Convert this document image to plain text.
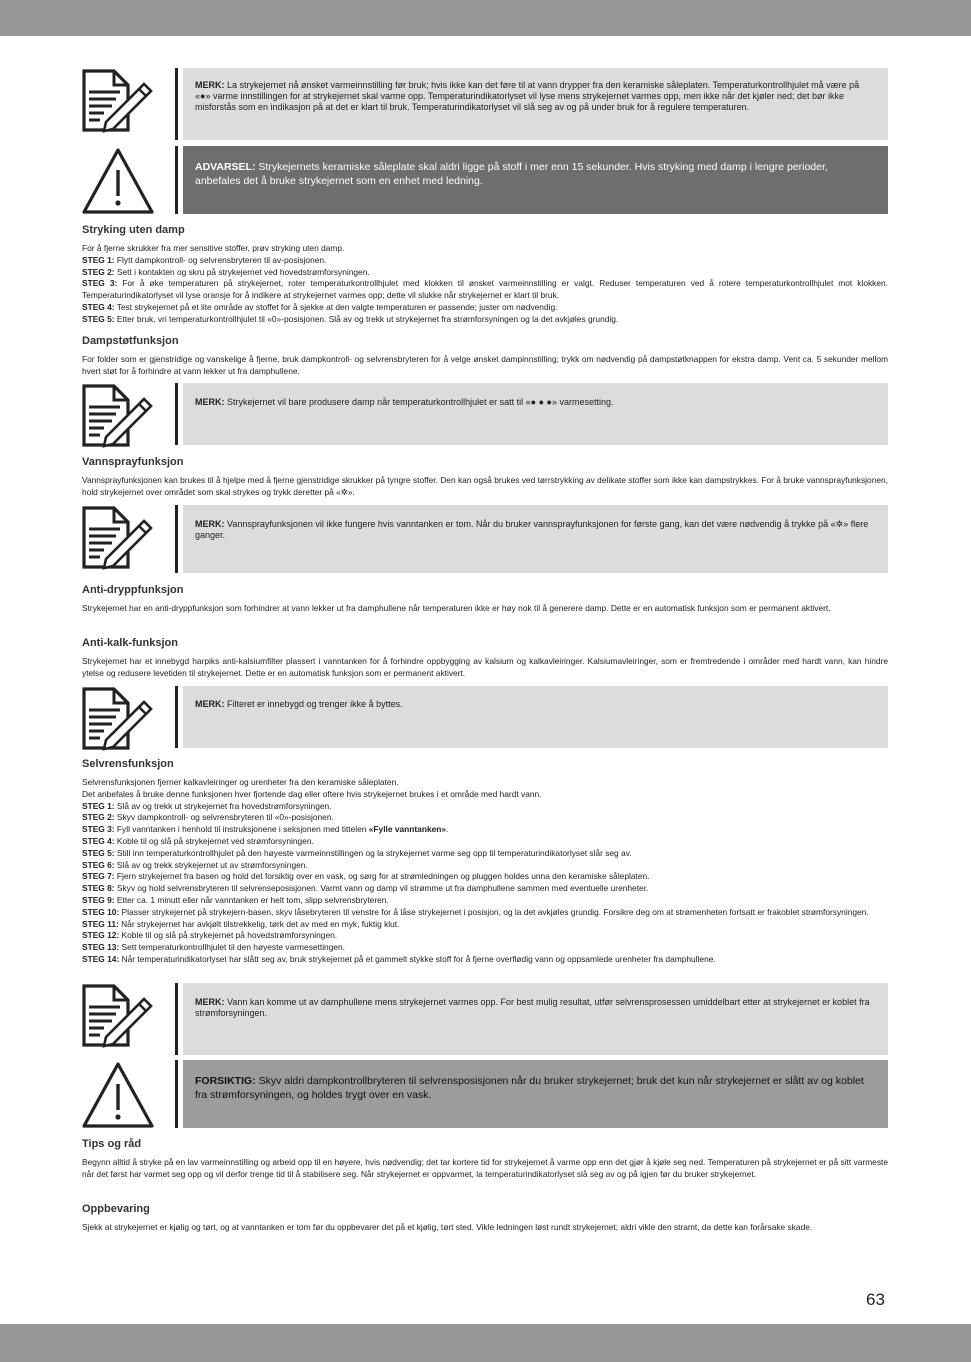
MERK: La strykejernet nå ønsket varmeinnstilling før bruk; hvis ikke kan det føre til at vann drypper fra den keramiske såleplaten. Temperaturkontrollhjulet må være på «●» varme innstillingen for at strykejernet skal varme opp. Temperaturindikatorlyset vil lyse mens strykejernet varmes opp, men ikke når det kjøler ned; det bør ikke misforstås som en indikasjon på at det er klart til bruk. Temperaturindikatorlyset vil slå seg av og på under bruk for å regulere temperaturen.
ADVARSEL: Strykejernets keramiske såleplate skal aldri ligge på stoff i mer enn 15 sekunder. Hvis stryking med damp i lengre perioder, anbefales det å bruke strykejernet som en enhet med ledning.
Stryking uten damp
For å fjerne skrukker fra mer sensitive stoffer, prøv stryking uten damp.
STEG 1: Flytt dampkontroll- og selvrensbryteren til av-posisjonen.
STEG 2: Sett i kontakten og skru på strykejernet ved hovedstrømforsyningen.
STEG 3: For å øke temperaturen på strykejernet, roter temperaturkontrollhjulet med klokken til ønsket varmeinnstilling er valgt. Reduser temperaturen ved å rotere temperaturkontrollhjulet mot klokken. Temperaturindikatorlyset vil lyse oransje for å indikere at strykejernet varmes opp; dette vil slukke når strykejernet er klart til bruk.
STEG 4: Test strykejernet på et lite område av stoffet for å sjekke at den valgte temperaturen er passende; juster om nødvendig.
STEG 5: Etter bruk, vri temperaturkontrollhjulet til «0»-posisjonen. Slå av og trekk ut strykejernet fra strømforsyningen og la det avkjøles grundig.
Dampstøtfunksjon
For folder som er gjenstridige og vanskelige å fjerne, bruk dampkontroll- og selvrensbryteren for å velge ønsket dampinnstilling; trykk om nødvendig på dampstøtknappen for ekstra damp. Vent ca. 5 sekunder mellom hvert støt for å forhindre at vann lekker ut fra damphullene.
MERK: Strykejernet vil bare produsere damp når temperaturkontrollhjulet er satt til «● ● ●» varmesetting.
Vannsprayfunksjon
Vannsprayfunksjonen kan brukes til å hjelpe med å fjerne gjenstridige skrukker på tyngre stoffer. Den kan også brukes ved tørrstrykking av delikate stoffer som ikke kan dampstrykkes. For å bruke vannsprayfunksjonen, hold strykejernet over området som skal strykes og trykk deretter på «✲».
MERK: Vannsprayfunksjonen vil ikke fungere hvis vanntanken er tom. Når du bruker vannsprayfunksjonen for første gang, kan det være nødvendig å trykke på «✲» flere ganger.
Anti-dryppfunksjon
Strykejernet har en anti-dryppfunksjon som forhindrer at vann lekker ut fra damphullene når temperaturen ikke er høy nok til å generere damp. Dette er en automatisk funksjon som er permanent aktivert.
Anti-kalk-funksjon
Strykejernet har et innebygd harpiks anti-kalsiumfilter plassert i vanntanken for å forhindre oppbygging av kalsium og kalkavleiringer. Kalsiumavleiringer, som er fremtredende i områder med hardt vann, kan hindre ytelse og redusere levetiden til strykejernet. Dette er en automatisk funksjon som er permanent aktivert.
MERK: Filteret er innebygd og trenger ikke å byttes.
Selvrensfunksjon
Selvrensfunksjonen fjerner kalkavleiringer og urenheter fra den keramiske såleplaten.
Det anbefales å bruke denne funksjonen hver fjortende dag eller oftere hvis strykejernet brukes i et område med hardt vann.
STEG 1: Slå av og trekk ut strykejernet fra hovedstrømforsyningen.
STEG 2: Skyv dampkontroll- og selvrensbryteren til «0»-posisjonen.
STEG 3: Fyll vanntanken i henhold til instruksjonene i seksjonen med tittelen «Fylle vanntanken».
STEG 4: Koble til og slå på strykejernet ved strømforsyningen.
STEG 5: Still inn temperaturkontrollhjulet på den høyeste varmeinnstillingen og la strykejernet varme seg opp til temperaturindikatorlyset slår seg av.
STEG 6: Slå av og trekk strykejernet ut av strømforsyningen.
STEG 7: Fjern strykejernet fra basen og hold det forsiktig over en vask, og sørg for at strømledningen og pluggen holdes unna den keramiske såleplaten.
STEG 8: Skyv og hold selvrensbryteren til selvrenseposisjonen. Varmt vann og damp vil strømme ut fra damphullene sammen med eventuelle urenheter.
STEG 9: Etter ca. 1 minutt eller når vanntanken er helt tom, slipp selvrensbryteren.
STEG 10: Plasser strykejernet på strykejern-basen, skyv låsebryteren til venstre for å låse strykejernet i posisjon, og la det avkjøles grundig. Forsikre deg om at strømenheten fortsatt er frakoblet strømforsyningen.
STEG 11: Når strykejernet har avkjølt tilstrekkelig, tørk det av med en myk, fuktig klut.
STEG 12: Koble til og slå på strykejernet på hovedstrømforsyningen.
STEG 13: Sett temperaturkontrollhjulet til den høyeste varmesettingen.
STEG 14: Når temperaturindikatorlyset har slått seg av, bruk strykejernet på et gammelt stykke stoff for å fjerne overflødig vann og oppsamlede urenheter fra damphullene.
MERK: Vann kan komme ut av damphullene mens strykejernet varmes opp. For best mulig resultat, utfør selvrensprosessen umiddelbart etter at strykejernet er koblet fra strømforsyningen.
FORSIKTIG: Skyv aldri dampkontrollbryteren til selvrensposisjonen når du bruker strykejernet; bruk det kun når strykejernet er slått av og koblet fra strømforsyningen, og holdes trygt over en vask.
Tips og råd
Begynn alltid å stryke på en lav varmeinnstilling og arbeid opp til en høyere, hvis nødvendig; det tar kortere tid for strykejernet å varme opp enn det gjør å kjøle seg ned. Temperaturen på strykejernet er på sitt varmeste når det først har varmet seg opp og vil derfor trenge tid til å stabilisere seg. Når strykejernet er oppvarmet, la temperaturindikatorlyset slå seg av og på igjen før du bruker strykejernet.
Oppbevaring
Sjekk at strykejernet er kjølig og tørt, og at vanntanken er tom før du oppbevarer det på et kjølig, tørt sted. Vikle ledningen løst rundt strykejernet; aldri vikle den stramt, da dette kan forårsake skade.
63
